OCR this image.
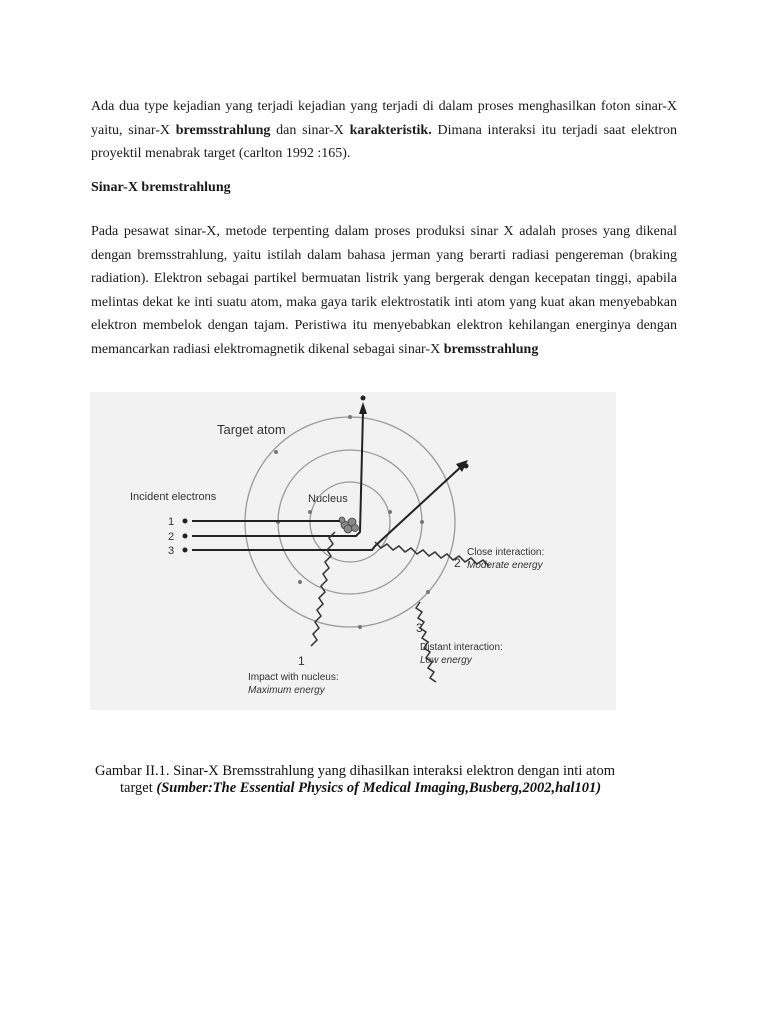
Ada dua type kejadian yang terjadi kejadian yang terjadi di dalam proses menghasilkan foton sinar-X yaitu, sinar-X bremsstrahlung dan sinar-X karakteristik. Dimana interaksi itu terjadi saat elektron proyektil menabrak target (carlton 1992 :165).

Sinar-X bremstrahlung

Pada pesawat sinar-X, metode terpenting dalam proses produksi sinar X adalah proses yang dikenal dengan bremsstrahlung, yaitu istilah dalam bahasa jerman yang berarti radiasi pengereman (braking radiation). Elektron sebagai partikel bermuatan listrik yang bergerak dengan kecepatan tinggi, apabila melintas dekat ke inti suatu atom, maka gaya tarik elektrostatik inti atom yang kuat akan menyebabkan elektron membelok dengan tajam. Peristiwa itu menyebabkan elektron kehilangan energinya dengan memancarkan radiasi elektromagnetik dikenal sebagai sinar-X bremsstrahlung

Target atom
Incident electrons	Nucleus
1
2
3
2
Close interaction:
Moderate energy
3
Distant interaction:
Low energy
1
Impact with nucleus:
Maximum energy
Gambar II.1. Sinar-X Bremsstrahlung yang dihasilkan interaksi elektron dengan inti atom
target (Sumber:The Essential Physics of Medical Imaging,Busberg,2002,hal101)
